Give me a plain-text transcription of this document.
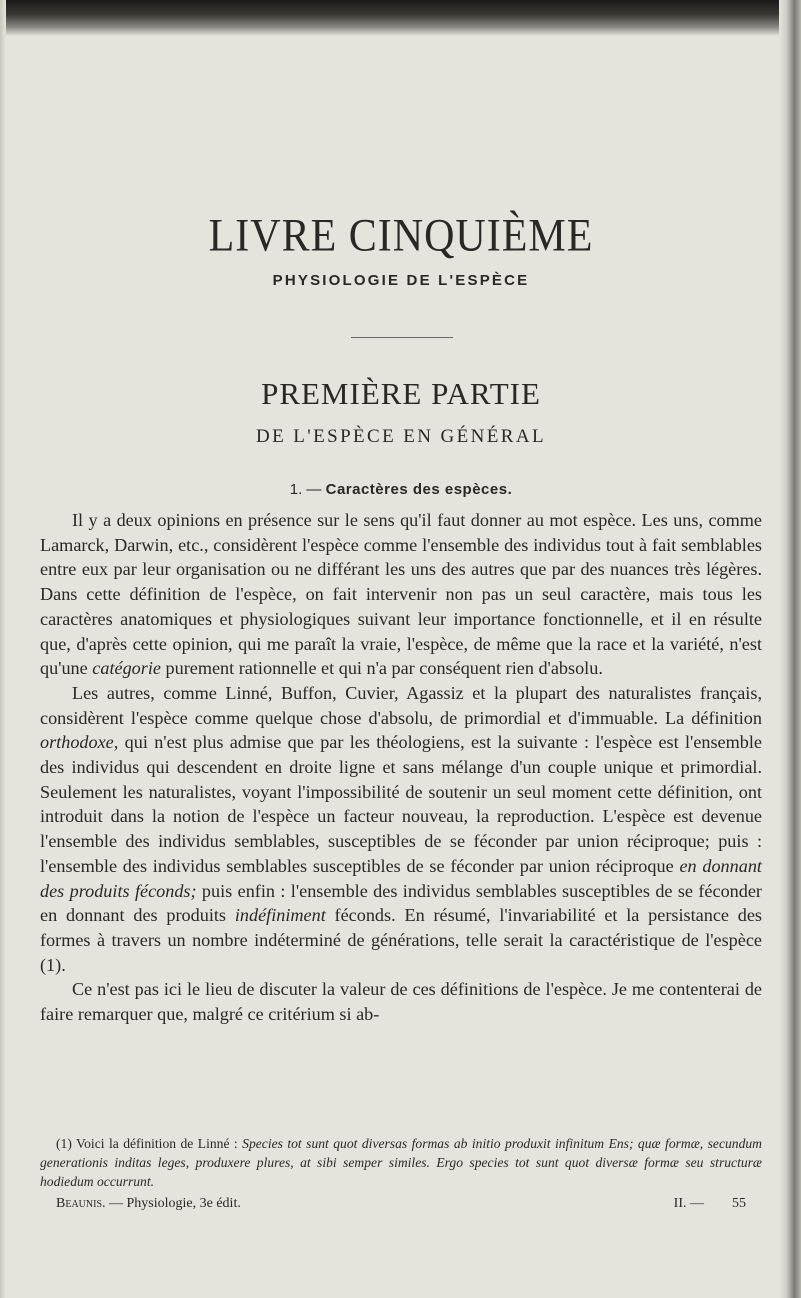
LIVRE CINQUIÈME
PHYSIOLOGIE DE L'ESPÈCE
PREMIÈRE PARTIE
DE L'ESPÈCE EN GÉNÉRAL
1. — Caractères des espèces.

Il y a deux opinions en présence sur le sens qu'il faut donner au mot espèce. Les uns, comme Lamarck, Darwin, etc., considèrent l'espèce comme l'ensemble des individus tout à fait semblables entre eux par leur organisation ou ne différant les uns des autres que par des nuances très légères. Dans cette définition de l'espèce, on fait intervenir non pas un seul caractère, mais tous les caractères anatomiques et physiologiques suivant leur importance fonctionnelle, et il en résulte que, d'après cette opinion, qui me paraît la vraie, l'espèce, de même que la race et la variété, n'est qu'une catégorie purement rationnelle et qui n'a par conséquent rien d'absolu.

Les autres, comme Linné, Buffon, Cuvier, Agassiz et la plupart des naturalistes français, considèrent l'espèce comme quelque chose d'absolu, de primordial et d'immuable. La définition orthodoxe, qui n'est plus admise que par les théologiens, est la suivante : l'espèce est l'ensemble des individus qui descendent en droite ligne et sans mélange d'un couple unique et primordial. Seulement les naturalistes, voyant l'impossibilité de soutenir un seul moment cette définition, ont introduit dans la notion de l'espèce un facteur nouveau, la reproduction. L'espèce est devenue l'ensemble des individus semblables, susceptibles de se féconder par union réciproque; puis : l'ensemble des individus semblables susceptibles de se féconder par union réciproque en donnant des produits féconds; puis enfin : l'ensemble des individus semblables susceptibles de se féconder en donnant des produits indéfiniment féconds. En résumé, l'invariabilité et la persistance des formes à travers un nombre indéterminé de générations, telle serait la caractéristique de l'espèce (1).

Ce n'est pas ici le lieu de discuter la valeur de ces définitions de l'espèce. Je me contenterai de faire remarquer que, malgré ce critérium si ab-

(1) Voici la définition de Linné : Species tot sunt quot diversas formas ab initio produxit infinitum Ens; quæ formæ, secundum generationis inditas leges, produxere plures, at sibi semper similes. Ergo species tot sunt quot diversæ formæ seu structuræ hodiedum occurrunt.

Beaunis. — Physiologie, 3e édit.	II. — 55
